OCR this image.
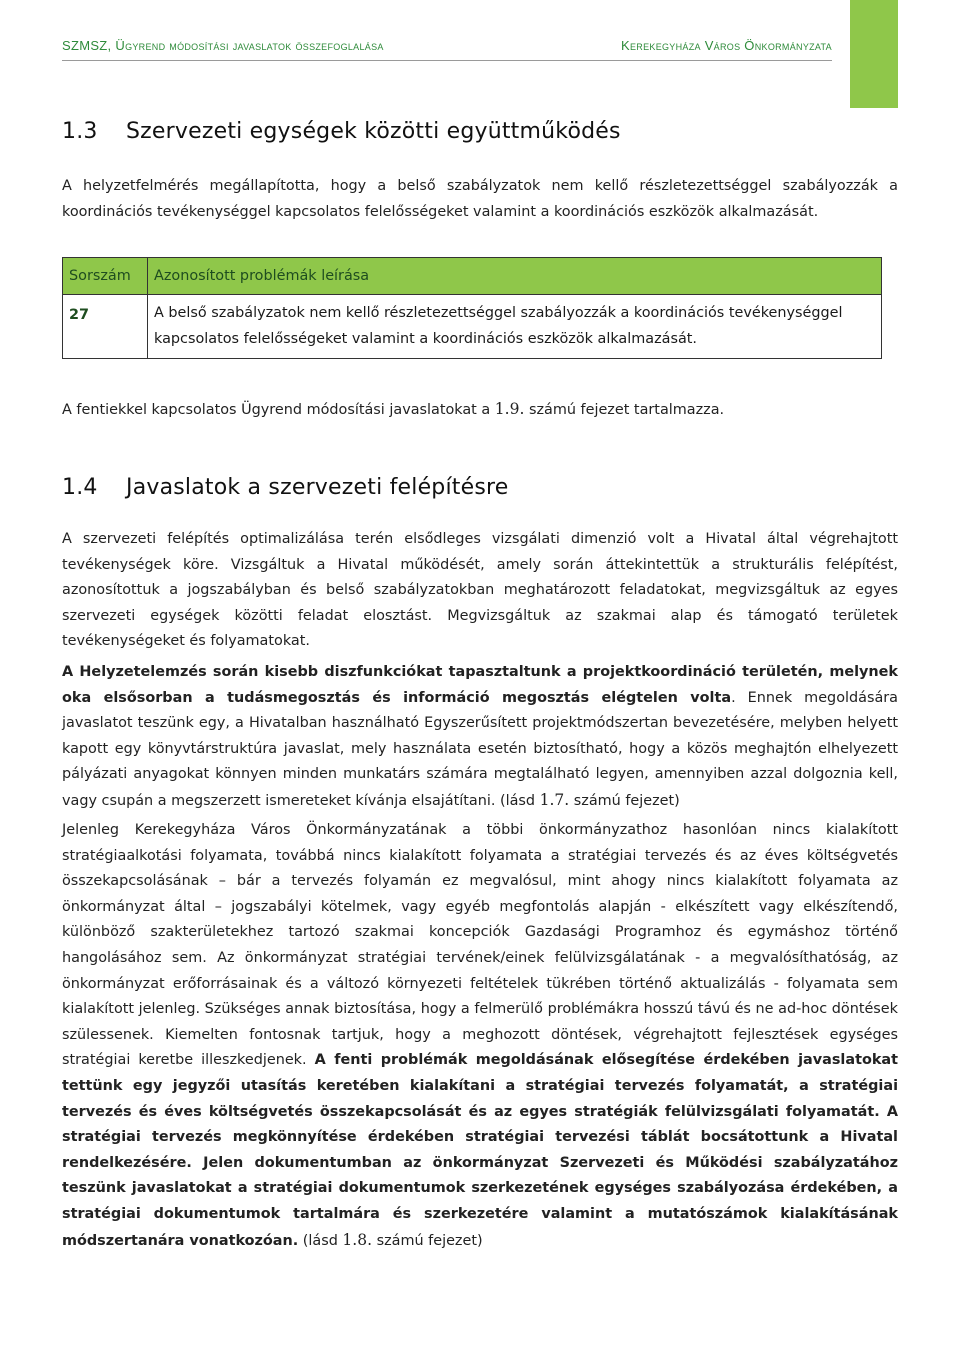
SZMSZ, Ügyrend módosítási javaslatok összefoglalása	Kerekegyháza Város Önkormányzata
1.3 Szervezeti egységek közötti együttműködés
A helyzetfelmérés megállapította, hogy a belső szabályzatok nem kellő részletezettséggel szabályozzák a koordinációs tevékenységgel kapcsolatos felelősségeket valamint a koordinációs eszközök alkalmazását.
Sorszám	Azonosított problémák leírása
27	A belső szabályzatok nem kellő részletezettséggel szabályozzák a koordinációs tevékenységgel kapcsolatos felelősségeket valamint a koordinációs eszközök alkalmazását.
A fentiekkel kapcsolatos Ügyrend módosítási javaslatokat a 1.9. számú fejezet tartalmazza.
1.4 Javaslatok a szervezeti felépítésre
A szervezeti felépítés optimalizálása terén elsődleges vizsgálati dimenzió volt a Hivatal által végrehajtott tevékenységek köre. Vizsgáltuk a Hivatal működését, amely során áttekintettük a strukturális felépítést, azonosítottuk a jogszabályban és belső szabályzatokban meghatározott feladatokat, megvizsgáltuk az egyes szervezeti egységek közötti feladat elosztást. Megvizsgáltuk az szakmai alap és támogató területek tevékenységeket és folyamatokat.
A Helyzetelemzés során kisebb diszfunkciókat tapasztaltunk a projektkoordináció területén, melynek oka elsősorban a tudásmegosztás és információ megosztás elégtelen volta. Ennek megoldására javaslatot teszünk egy, a Hivatalban használható Egyszerűsített projektmódszertan bevezetésére, melyben helyett kapott egy könyvtárstruktúra javaslat, mely használata esetén biztosítható, hogy a közös meghajtón elhelyezett pályázati anyagokat könnyen minden munkatárs számára megtalálható legyen, amennyiben azzal dolgozniа kell, vagy csupán a megszerzett ismereteket kívánja elsajátítani. (lásd 1.7. számú fejezet)
Jelenleg Kerekegyháza Város Önkormányzatának a többi önkormányzathoz hasonlóan nincs kialakított stratégiaalkotási folyamata, továbbá nincs kialakított folyamata a stratégiai tervezés és az éves költségvetés összekapcsolásának – bár a tervezés folyamán ez megvalósul, mint ahogy nincs kialakított folyamata az önkormányzat által – jogszabályi kötelmek, vagy egyéb megfontolás alapján - elkészített vagy elkészítendő, különböző szakterületekhez tartozó szakmai koncepciók Gazdasági Programhoz és egymáshoz történő hangolásához sem. Az önkormányzat stratégiai tervének/einek felülvizsgálatának - a megvalósíthatóság, az önkormányzat erőforrásainak és a változó környezeti feltételek tükrében történő aktualizálás - folyamata sem kialakított jelenleg. Szükséges annak biztosítása, hogy a felmerülő problémákra hosszú távú és ne ad-hoc döntések szülessenek. Kiemelten fontosnak tartjuk, hogy a meghozott döntések, végrehajtott fejlesztések egységes stratégiai keretbe illeszkedjenek. A fenti problémák megoldásának elősegítése érdekében javaslatokat tettünk egy jegyzői utasítás keretében kialakítani a stratégiai tervezés folyamatát, a stratégiai tervezés és éves költségvetés összekapcsolását és az egyes stratégiák felülvizsgálati folyamatát. A stratégiai tervezés megkönnyítése érdekében stratégiai tervezési táblát bocsátottunk a Hivatal rendelkezésére. Jelen dokumentumban az önkormányzat Szervezeti és Működési szabályzatához teszünk javaslatokat a stratégiai dokumentumok szerkezetének egységes szabályozása érdekében, a stratégiai dokumentumok tartalmára és szerkezetére valamint a mutatószámok kialakításának módszertanára vonatkozóan. (lásd 1.8. számú fejezet)
